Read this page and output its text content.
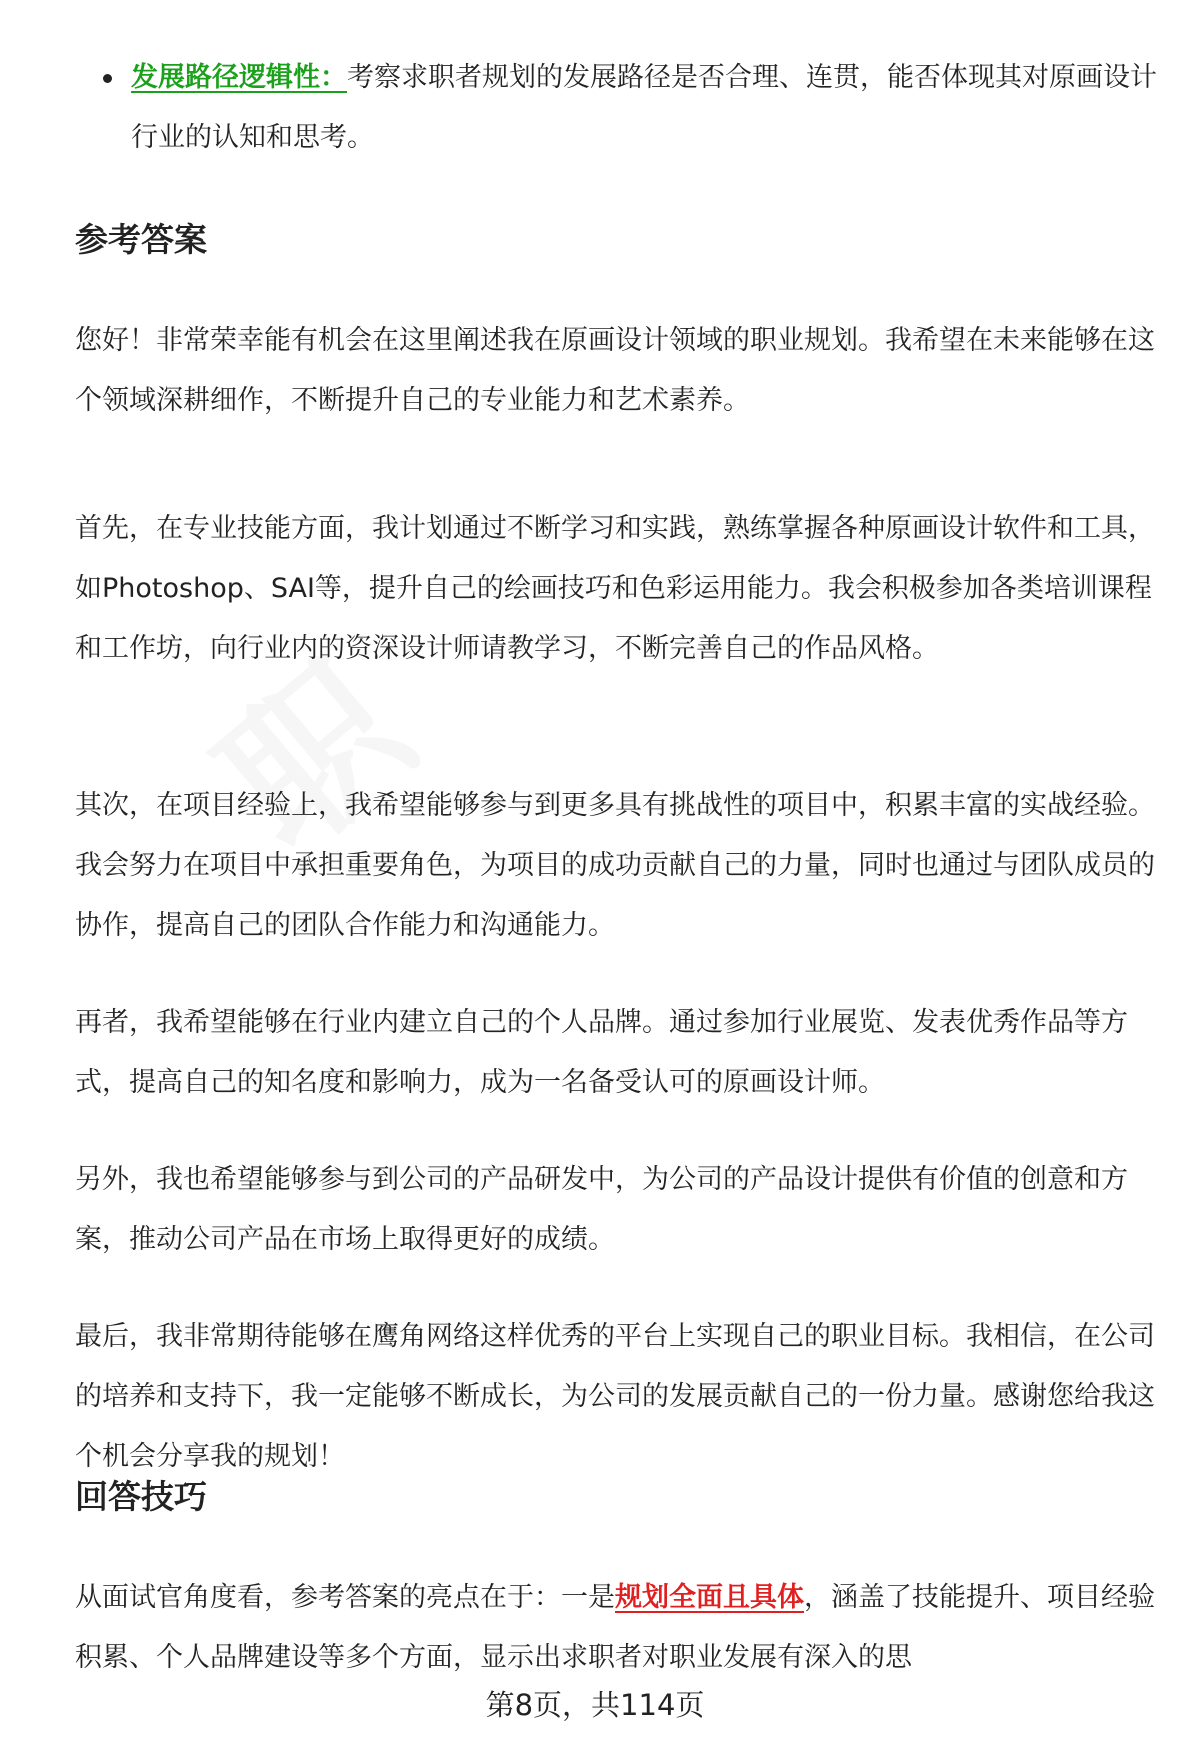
发展路径逻辑性：考察求职者规划的发展路径是否合理、连贯，能否体现其对原画设计行业的认知和思考。
参考答案

您好！非常荣幸能有机会在这里阐述我在原画设计领域的职业规划。我希望在未来能够在这个领域深耕细作，不断提升自己的专业能力和艺术素养。

首先，在专业技能方面，我计划通过不断学习和实践，熟练掌握各种原画设计软件和工具，如Photoshop、SAI等，提升自己的绘画技巧和色彩运用能力。我会积极参加各类培训课程和工作坊，向行业内的资深设计师请教学习，不断完善自己的作品风格。

其次，在项目经验上，我希望能够参与到更多具有挑战性的项目中，积累丰富的实战经验。我会努力在项目中承担重要角色，为项目的成功贡献自己的力量，同时也通过与团队成员的协作，提高自己的团队合作能力和沟通能力。

再者，我希望能够在行业内建立自己的个人品牌。通过参加行业展览、发表优秀作品等方式，提高自己的知名度和影响力，成为一名备受认可的原画设计师。

另外，我也希望能够参与到公司的产品研发中，为公司的产品设计提供有价值的创意和方案，推动公司产品在市场上取得更好的成绩。

最后，我非常期待能够在鹰角网络这样优秀的平台上实现自己的职业目标。我相信，在公司的培养和支持下，我一定能够不断成长，为公司的发展贡献自己的一份力量。感谢您给我这个机会分享我的规划！

回答技巧

从面试官角度看，参考答案的亮点在于：一是规划全面且具体，涵盖了技能提升、项目经验积累、个人品牌建设等多个方面，显示出求职者对职业发展有深入的思

第8页，共114页
